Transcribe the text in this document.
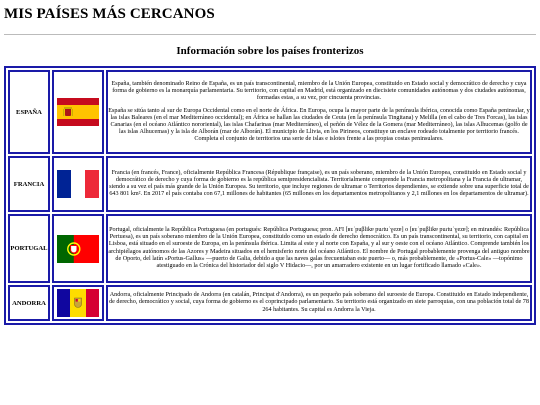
MIS PAÍSES MÁS CERCANOS
Información sobre los países fronterizos
ESPAÑA		España, también denominado Reino de España, es un país transcontinental, miembro de la Unión Europea, constituido en Estado social y democrático de derecho y cuya forma de gobierno es la monarquía parlamentaria. Su territorio, con capital en Madrid, está organizado en diecisiete comunidades autónomas y dos ciudades autónomas, formadas estas, a su vez, por cincuenta provincias.

España se sitúa tanto al sur de Europa Occidental como en el norte de África. En Europa, ocupa la mayor parte de la península ibérica, conocida como España peninsular, y las islas Baleares (en el mar Mediterráneo occidental); en África se hallan las ciudades de Ceuta (en la península Tingitana) y Melilla (en el cabo de Tres Forcas), las islas Canarias (en el océano Atlántico nororiental), las islas Chafarinas (mar Mediterráneo), el peñón de Vélez de la Gomera (mar Mediterráneo), las islas Alhucemas (golfo de las islas Alhucemas) y la isla de Alborán (mar de Alborán). El municipio de Llivia, en los Pirineos, constituye un enclave rodeado totalmente por territorio francés. Completa el conjunto de territorios una serie de islas e islotes frente a las propias costas peninsulares.

FRANCIA		Francia (en francés, France), oficialmente República Francesa (République française), es un país soberano, miembro de la Unión Europea, constituido en Estado social y democrático de derecho y cuya forma de gobierno es la república semipresidencialista. Territorialmente comprende la Francia metropolitana y la Francia de ultramar, siendo a su vez el país más grande de la Unión Europea. Su territorio, que incluye regiones de ultramar o Territorios dependientes, se extiende sobre una superficie total de 643 801 km². En 2017 el país contaba con 67,1 millones de habitantes (65 millones en los departamentos metropolitanos y 2,1 millones en los departamentos de ultramar).

PORTUGAL		Portugal, oficialmente la República Portuguesa (en portugués: República Portuguesa; pron. AFI [ʁɛˈpuβlikɐ puɾtuˈɣezɐ] o [ʁɛˈpuβlikɐ puɾtuˈɣezɐ]; en mirandés: República Pertuesa), es un país soberano miembro de la Unión Europea, constituido como un estado de derecho democrático. Es un país transcontinental, su territorio, con capital en Lisboa, está situado en el suroeste de Europa, en la península ibérica. Limita al este y al norte con España, y al sur y oeste con el océano Atlántico. Comprende también los archipiélagos autónomos de las Azores y Madeira situados en el hemisferio norte del océano Atlántico. El nombre de Portugal probablemente provenga del antiguo nombre de Oporto, del latín «Portus-Gallus» —puerto de Galia, debido a que las naves galas frecuentaban este puerto— o, más probablemente, de «Portus-Cale» —topónimo atestiguado en la Crónica del historiador del siglo V Hidacio—, por un amarradero existente en un lugar fortificado llamado «Cale».

ANDORRA		Andorra, oficialmente Principado de Andorra (en catalán, Principat d'Andorra), es un pequeño país soberano del suroeste de Europa. Constituido en Estado independiente, de derecho, democrático y social, cuya forma de gobierno es el coprincipado parlamentario. Su territorio está organizado en siete parroquias, con una población total de 78 264 habitantes. Su capital es Andorra la Vieja.
